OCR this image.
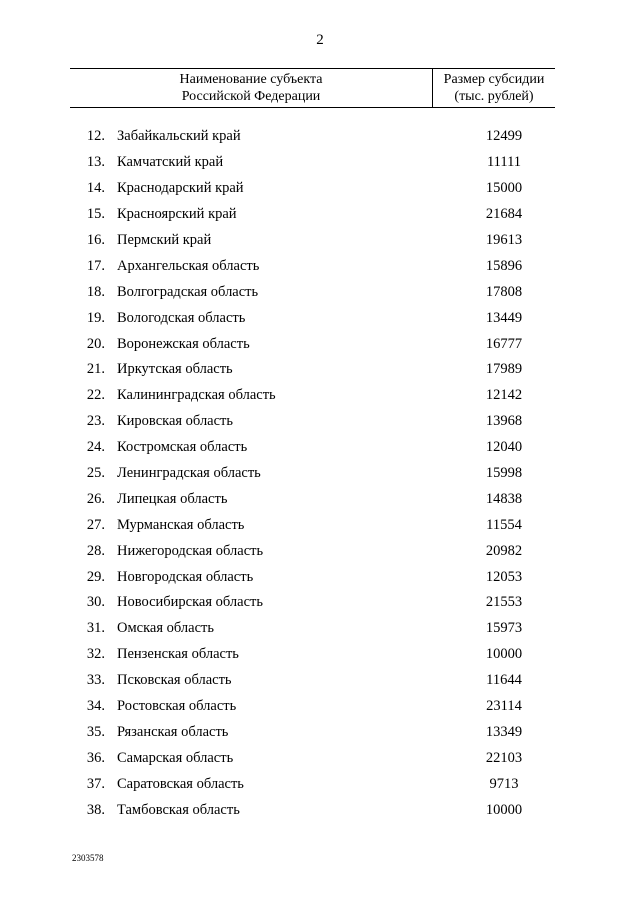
2
Наименование субъекта
Российской Федерации
Размер субсидии
(тыс. рублей)
12. Забайкальский край	12499
13. Камчатский край	11111
14. Краснодарский край	15000
15. Красноярский край	21684
16. Пермский край	19613
17. Архангельская область	15896
18. Волгоградская область	17808
19. Вологодская область	13449
20. Воронежская область	16777
21. Иркутская область	17989
22. Калининградская область	12142
23. Кировская область	13968
24. Костромская область	12040
25. Ленинградская область	15998
26. Липецкая область	14838
27. Мурманская область	11554
28. Нижегородская область	20982
29. Новгородская область	12053
30. Новосибирская область	21553
31. Омская область	15973
32. Пензенская область	10000
33. Псковская область	11644
34. Ростовская область	23114
35. Рязанская область	13349
36. Самарская область	22103
37. Саратовская область	9713
38. Тамбовская область	10000
2303578
